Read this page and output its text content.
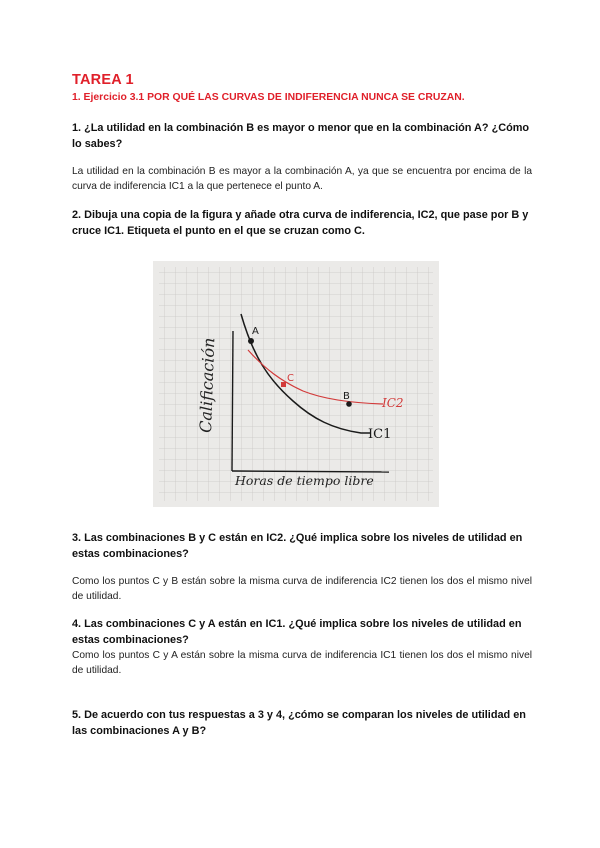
TAREA 1
1. Ejercicio 3.1 POR QUÉ LAS CURVAS DE INDIFERENCIA NUNCA SE CRUZAN.
1. ¿La utilidad en la combinación B es mayor o menor que en la combinación A? ¿Cómo lo sabes?
La utilidad en la combinación B es mayor a la combinación A, ya que se encuentra por encima de la curva de indiferencia IC1 a la que pertenece el punto A.
2. Dibuja una copia de la figura y añade otra curva de indiferencia, IC2, que pase por B y cruce IC1. Etiqueta el punto en el que se cruzan como C.
Calificación
Horas de tiempo libre
A
B
C
IC2
IC1
3. Las combinaciones B y C están en IC2. ¿Qué implica sobre los niveles de utilidad en estas combinaciones?
Como los puntos C y B están sobre la misma curva de indiferencia IC2 tienen los dos el mismo nivel de utilidad.
4. Las combinaciones C y A están en IC1. ¿Qué implica sobre los niveles de utilidad en estas combinaciones?
Como los puntos C y A están sobre la misma curva de indiferencia IC1 tienen los dos el mismo nivel de utilidad.
5. De acuerdo con tus respuestas a 3 y 4, ¿cómo se comparan los niveles de utilidad en las combinaciones A y B?
